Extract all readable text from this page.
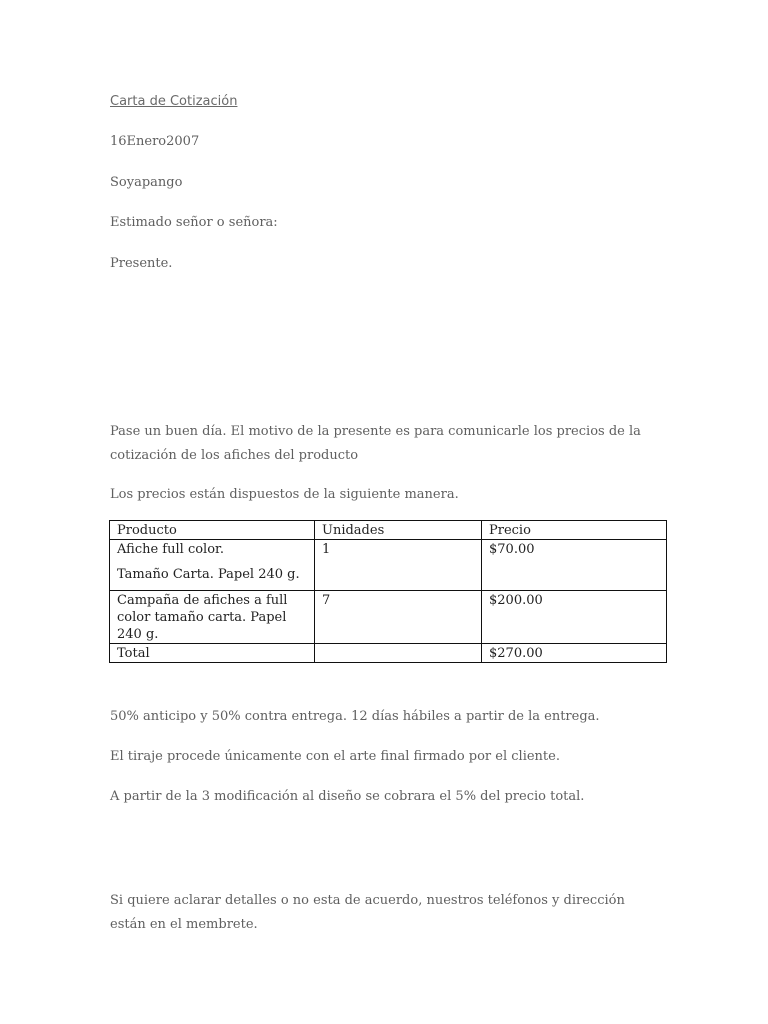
Carta de Cotización

16Enero2007

Soyapango

Estimado señor o señora:

Presente.

Pase un buen día. El motivo de la presente es para comunicarle los precios de la cotización de los afiches del producto

Los precios están dispuestos de la siguiente manera.

Producto	Unidades	Precio

Afiche full color.
Tamaño Carta. Papel 240 g.	1	$70.00
Campaña de afiches a full color tamaño carta. Papel 240 g.	7	$200.00
Total		$270.00

50% anticipo y 50% contra entrega. 12 días hábiles a partir de la entrega.

El tiraje procede únicamente con el arte final firmado por el cliente.

A partir de la 3 modificación al diseño se cobrara el 5% del precio total.

Si quiere aclarar detalles o no esta de acuerdo, nuestros teléfonos y dirección están en el membrete.
